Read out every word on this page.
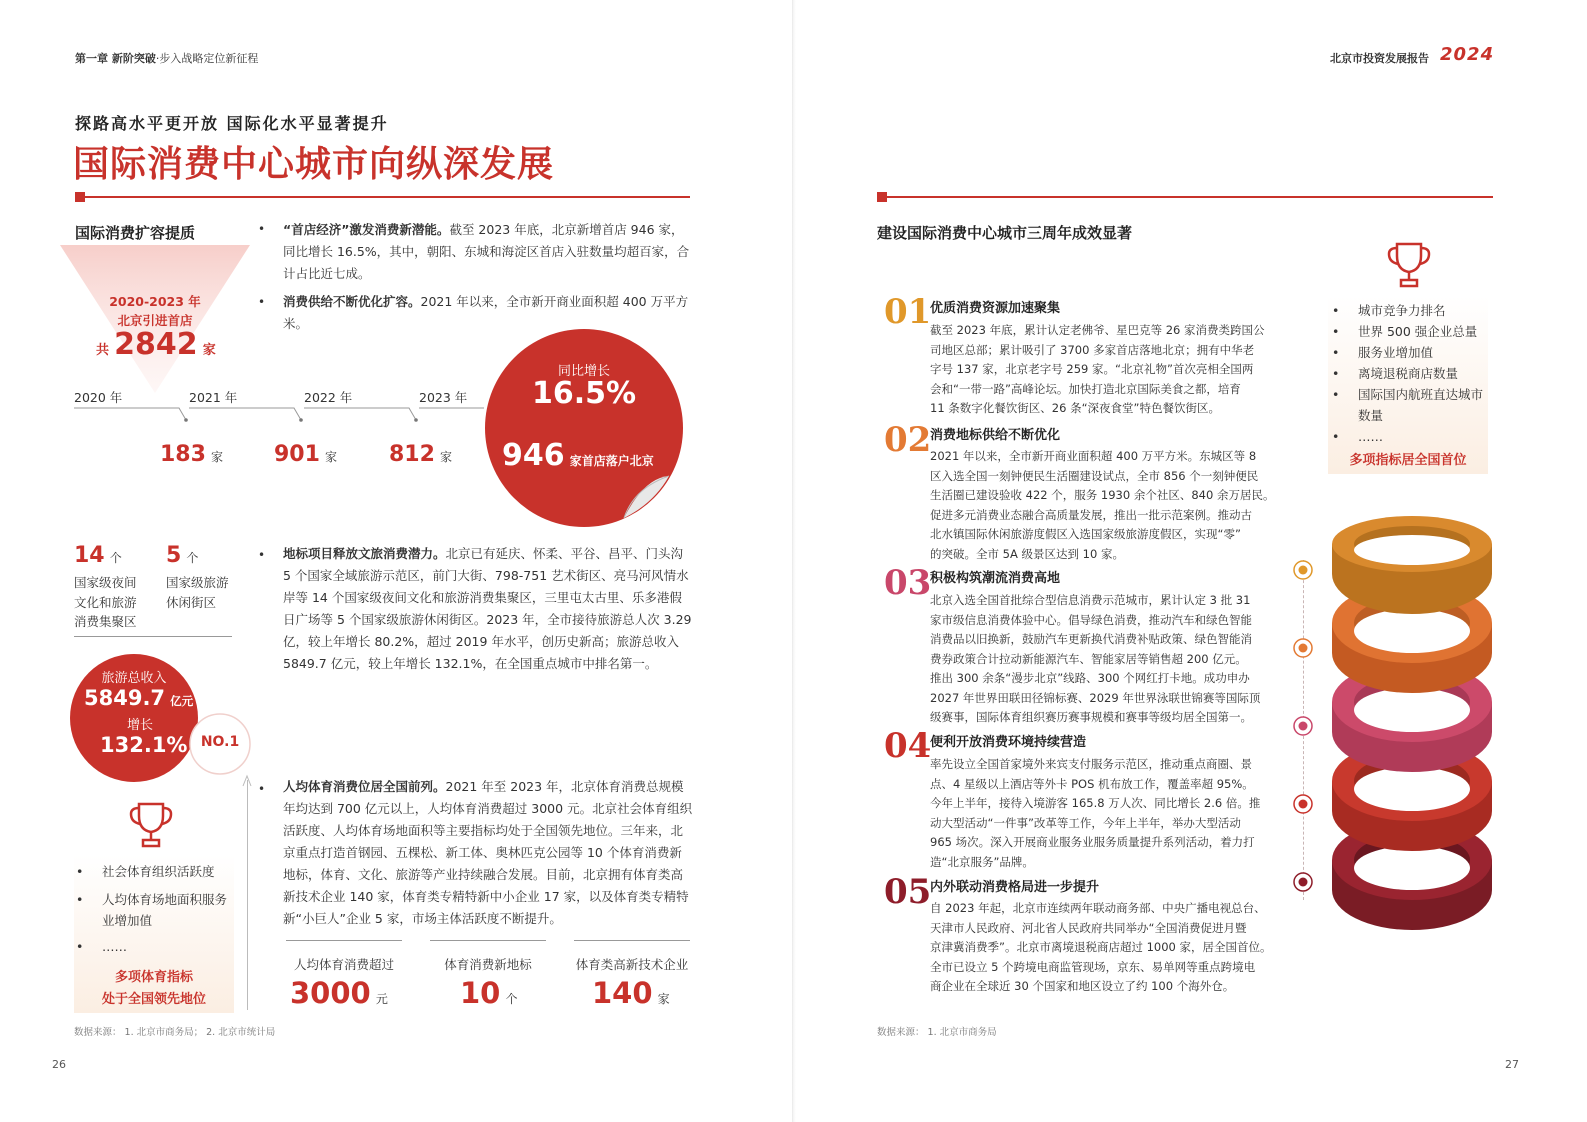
第一章 新阶突破·步入战略定位新征程
探路高水平更开放 国际化水平显著提升
国际消费中心城市向纵深发展
国际消费扩容提质
2020-2023 年
北京引进首店
共 2842 家
• “首店经济”激发消费新潜能。截至 2023 年底，北京新增首店 946 家，同比增长 16.5%，其中，朝阳、东城和海淀区首店入驻数量均超百家，合计占比近七成。
• 消费供给不断优化扩容。2021 年以来，全市新开商业面积超 400 万平方米。
2020 年	2021 年	2022 年	2023 年
183 家 901 家 812 家
同比增长
16.5%
946 家首店落户北京
14 个
国家级夜间
文化和旅游
消费集聚区
5 个
国家级旅游
休闲街区
• 地标项目释放文旅消费潜力。北京已有延庆、怀柔、平谷、昌平、门头沟 5 个国家全域旅游示范区，前门大街、798-751 艺术街区、亮马河风情水岸等 14 个国家级夜间文化和旅游消费集聚区，三里屯太古里、乐多港假日广场等 5 个国家级旅游休闲街区。2023 年，全市接待旅游总人次 3.29 亿，较上年增长 80.2%，超过 2019 年水平，创历史新高；旅游总收入 5849.7 亿元，较上年增长 132.1%，在全国重点城市中排名第一。
旅游总收入
5849.7 亿元
增长
132.1% NO.1
• 社会体育组织活跃度
• 人均体育场地面积服务业增加值
• ……
多项体育指标
处于全国领先地位
• 人均体育消费位居全国前列。2021 年至 2023 年，北京体育消费总规模年均达到 700 亿元以上，人均体育消费超过 3000 元。北京社会体育组织活跃度、人均体育场地面积等主要指标均处于全国领先地位。三年来，北京重点打造首钢园、五棵松、新工体、奥林匹克公园等 10 个体育消费新地标，体育、文化、旅游等产业持续融合发展。目前，北京拥有体育类高新技术企业 140 家，体育类专精特新中小企业 17 家，以及体育类专精特新“小巨人”企业 5 家，市场主体活跃度不断提升。
人均体育消费超过	体育消费新地标	体育类高新技术企业
3000 元 10 个	140 家
数据来源： 1. 北京市商务局； 2. 北京市统计局
26
北京市投资发展报告 2024
建设国际消费中心城市三周年成效显著
01
优质消费资源加速聚集
截至 2023 年底，累计认定老佛爷、星巴克等 26 家消费类跨国公
司地区总部；累计吸引了 3700 多家首店落地北京；拥有中华老
字号 137 家，北京老字号 259 家。“北京礼物”首次亮相全国两
会和“一带一路”高峰论坛。加快打造北京国际美食之都，培育
11 条数字化餐饮街区、26 条“深夜食堂”特色餐饮街区。
02
消费地标供给不断优化
2021 年以来，全市新开商业面积超 400 万平方米。东城区等 8
区入选全国一刻钟便民生活圈建设试点，全市 856 个一刻钟便民
生活圈已建设验收 422 个，服务 1930 余个社区、840 余万居民。
促进多元消费业态融合高质量发展，推出一批示范案例。推动古
北水镇国际休闲旅游度假区入选国家级旅游度假区，实现“零”
的突破。全市 5A 级景区达到 10 家。
03
积极构筑潮流消费高地
北京入选全国首批综合型信息消费示范城市，累计认定 3 批 31
家市级信息消费体验中心。倡导绿色消费，推动汽车和绿色智能
消费品以旧换新，鼓励汽车更新换代消费补贴政策、绿色智能消
费券政策合计拉动新能源汽车、智能家居等销售超 200 亿元。
推出 300 余条“漫步北京”线路、300 个网红打卡地。成功申办
2027 年世界田联田径锦标赛、2029 年世界泳联世锦赛等国际顶
级赛事，国际体育组织赛历赛事规模和赛事等级均居全国第一。
04
便利开放消费环境持续营造
率先设立全国首家境外来宾支付服务示范区，推动重点商圈、景
点、4 星级以上酒店等外卡 POS 机布放工作，覆盖率超 95%。
今年上半年，接待入境游客 165.8 万人次、同比增长 2.6 倍。推
动大型活动“一件事”改革等工作，今年上半年，举办大型活动
965 场次。深入开展商业服务业服务质量提升系列活动，着力打
造“北京服务”品牌。
05
内外联动消费格局进一步提升
自 2023 年起，北京市连续两年联动商务部、中央广播电视总台、
天津市人民政府、河北省人民政府共同举办“全国消费促进月暨
京津冀消费季”。北京市离境退税商店超过 1000 家，居全国首位。
全市已设立 5 个跨境电商监管现场，京东、易单网等重点跨境电
商企业在全球近 30 个国家和地区设立了约 100 个海外仓。
• 城市竞争力排名
• 世界 500 强企业总量
• 服务业增加值
• 离境退税商店数量
• 国际国内航班直达城市数量
• ……
多项指标居全国首位
数据来源： 1. 北京市商务局
27
